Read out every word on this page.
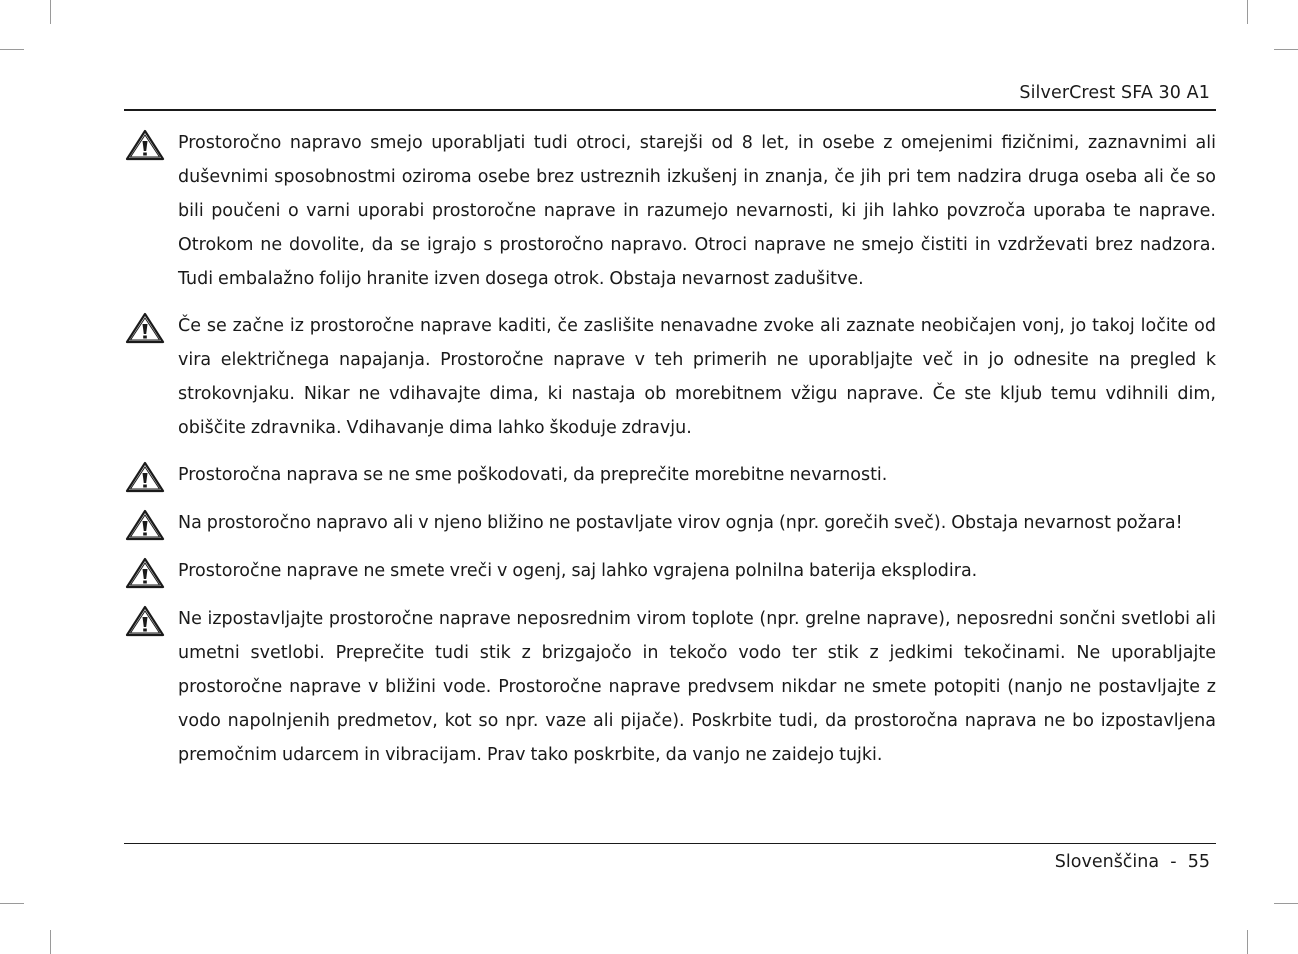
SilverCrest SFA 30 A1

Prostoročno napravo smejo uporabljati tudi otroci, starejši od 8 let, in osebe z omejenimi fizičnimi, zaznavnimi ali duševnimi sposobnostmi oziroma osebe brez ustreznih izkušenj in znanja, če jih pri tem nadzira druga oseba ali če so bili poučeni o varni uporabi prostoročne naprave in razumejo nevarnosti, ki jih lahko povzroča uporaba te naprave. Otrokom ne dovolite, da se igrajo s prostoročno napravo. Otroci naprave ne smejo čistiti in vzdrževati brez nadzora. Tudi embalažno folijo hranite izven dosega otrok. Obstaja nevarnost zadušitve.

Če se začne iz prostoročne naprave kaditi, če zaslišite nenavadne zvoke ali zaznate neobičajen vonj, jo takoj ločite od vira električnega napajanja. Prostoročne naprave v teh primerih ne uporabljajte več in jo odnesite na pregled k strokovnjaku. Nikar ne vdihavajte dima, ki nastaja ob morebitnem vžigu naprave. Če ste kljub temu vdihnili dim, obiščite zdravnika. Vdihavanje dima lahko škoduje zdravju.

Prostoročna naprava se ne sme poškodovati, da preprečite morebitne nevarnosti.

Na prostoročno napravo ali v njeno bližino ne postavljate virov ognja (npr. gorečih sveč). Obstaja nevarnost požara!

Prostoročne naprave ne smete vreči v ogenj, saj lahko vgrajena polnilna baterija eksplodira.

Ne izpostavljajte prostoročne naprave neposrednim virom toplote (npr. grelne naprave), neposredni sončni svetlobi ali umetni svetlobi. Preprečite tudi stik z brizgajočo in tekočo vodo ter stik z jedkimi tekočinami. Ne uporabljajte prostoročne naprave v bližini vode. Prostoročne naprave predvsem nikdar ne smete potopiti (nanjo ne postavljajte z vodo napolnjenih predmetov, kot so npr. vaze ali pijače). Poskrbite tudi, da prostoročna naprava ne bo izpostavljena premočnim udarcem in vibracijam. Prav tako poskrbite, da vanjo ne zaidejo tujki.

Slovenščina - 55
